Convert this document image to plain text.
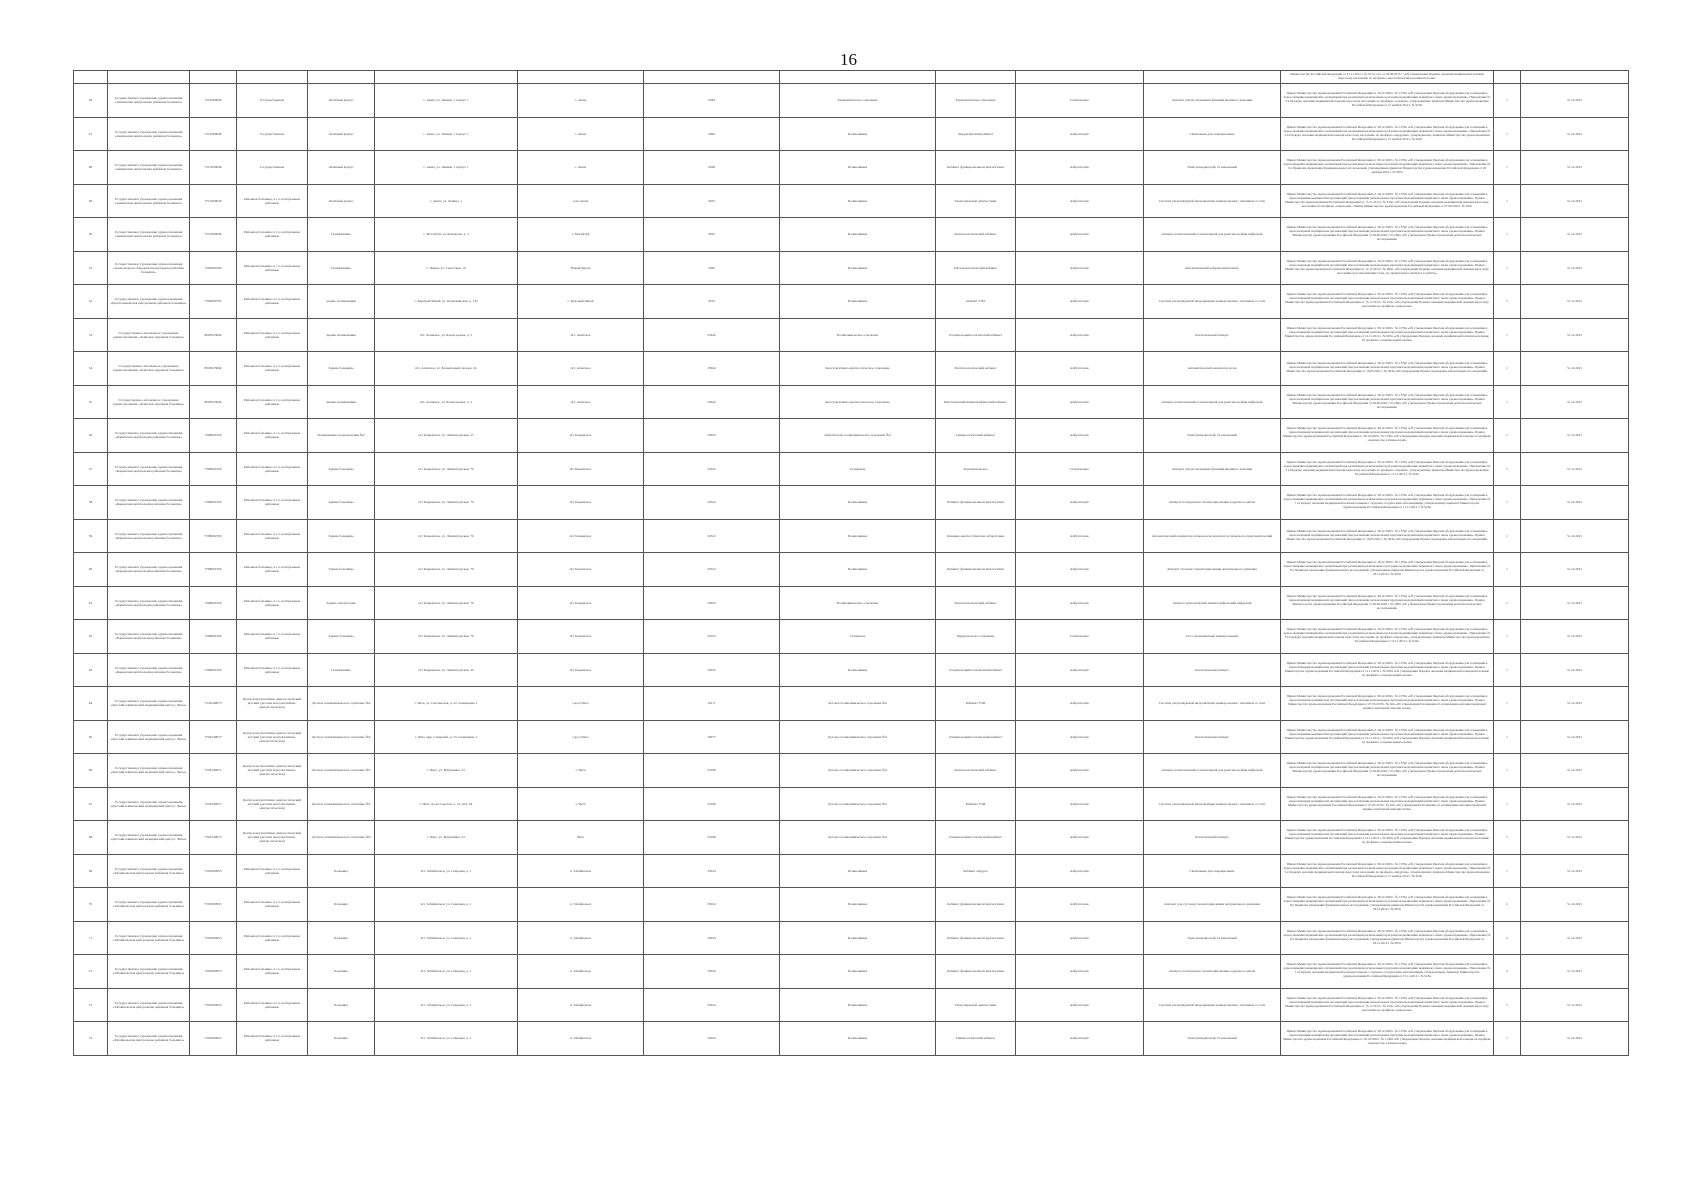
16
												Министерства Российской Федерации от 15.11.2012 г. № 917н, утв. от 26.09.2013 г. «Об утверждении Порядка оказания медицинской помощи взрослому населению по профилю «анестезиология и реаниматология»		
46	Государственное учреждение здравоохранения «Акшинская центральная районная больница»	7513000049	Государственная	Лечебный корпус	с. Акша, ул. Ленина, 1 корпус 1	с. Акша	2049	Терапевтическое отделение	Терапевтическое отделение	Стационарно	Аппарат для исследования функций внешнего дыхания	Приказ Министерства здравоохранения Российской Федерации от 28.12.2020 г. № 1379н «Об утверждении Перечня оборудования для оснащения и переоснащения медицинских организаций при реализации региональных программ модернизации первичного звена здравоохранения». Приложение № 6 к Порядку оказания медицинской помощи взрослому населению по профилю «терапия», утвержденному приказом Министерства здравоохранения Российской Федерации от 15 ноября 2012 г. № 923н	1	31.12.2021
47	Государственное учреждение здравоохранения «Акшинская центральная районная больница»	7513000049	Государственная	Лечебный корпус	с. Акша, ул. Ленина, 1 корпус 1	с. Акша	2090	Поликлиника	Хирургический кабинет	Амбулаторно	Светильник для операционных	Приказ Министерства здравоохранения Российской Федерации от 28.12.2020 г. № 1379н «Об утверждении Перечня оборудования для оснащения и переоснащения медицинских организаций при реализации региональных программ модернизации первичного звена здравоохранения». Приложение № 2 к Порядку оказания медицинской помощи взрослому населению по профилю «хирургия», утвержденному приказом Министерства здравоохранения Российской Федерации от 15 ноября 2012 г. № 922н	1	31.12.2021
48	Государственное учреждение здравоохранения «Акшинская центральная районная больница»	7513000049	Государственная	Лечебный корпус	с. Акша, ул. Ленина, 1 корпус 1	с. Акша	2048	Поликлиника	Кабинет функциональной диагностики	Амбулаторно	Электрокардиограф 12-канальный	Приказ Министерства здравоохранения Российской Федерации от 28.12.2020 г. № 1379н «Об утверждении Перечня оборудования для оснащения и переоснащения медицинских организаций при реализации региональных программ модернизации первичного звена здравоохранения». Приложение № 9 к Правилам проведения функциональных исследований, утвержденным приказом Министерства здравоохранения Российской Федерации от 26 декабря 2016 г. № 997н	1	31.12.2021
49	Государственное учреждение здравоохранения «Акшинская центральная районная больница»	7513000049	Районная больница, в т.ч. центральные районные	Лечебный корпус	с. Акша, ул. Ленина, 1	село Акша	2025	Поликлиника	Ультразвуковой диагностики	Амбулаторно	Система ультразвуковой визуализации универсальная с питанием от сети	Приказ Министерства здравоохранения Российской Федерации от 28.12.2020 г. № 1379н «Об утверждении Перечня оборудования для оснащения и переоснащения медицинских организаций при реализации региональных программ модернизации первичного звена здравоохранения». Приказ Министерства здравоохранения Российской Федерации от 15.11.2012 г. № 915н «Об утверждении Порядка оказания медицинской помощи взрослому населению по профилю «онкология». Приказ Министерства здравоохранения Российской Федерации от 07.09.2020 г. № 947н	1	31.12.2021
50	Государственное учреждение здравоохранения «Акшинская центральная районная больница»	7513000049	Районная больница, в т.ч. центральные районные	Поликлиника	с. Могойтуй, ул. Банзарова, д. 3	с. Могойтуй	3622	Поликлиника	Рентгенологический кабинет	Амбулаторно	Аппарат рентгеновский стационарный для рентгенографии цифровой	Приказ Министерства здравоохранения Российской Федерации от 28.12.2020 г. № 1379н «Об утверждении Перечня оборудования для оснащения и переоснащения медицинских организаций при реализации региональных программ модернизации первичного звена здравоохранения». Приказ Министерства здравоохранения Российской Федерации от 09.06.2020 г. № 560н «Об утверждении Правил проведения рентгенологических исследований»	1	31.12.2021
51	Государственное учреждение здравоохранения «Александрово-Заводская центральная районная больница»	7506000590	Районная больница, в т.ч. центральные районные	Поликлиника	с. Чирон, ул. Сенетская, 10	Новый Чирон	3590	Поликлиника	Офтальмологический кабинет	Амбулаторно	Автоматический рефрактокератометр	Приказ Министерства здравоохранения Российской Федерации от 28.12.2020 г. № 1379н «Об утверждении Перечня оборудования для оснащения и переоснащения медицинских организаций при реализации региональных программ модернизации первичного звена здравоохранения». Приказ Министерства здравоохранения Российской Федерации от 12.11.2012 г. № 902н «Об утверждении Порядка оказания медицинской помощи взрослому населению при заболеваниях глаза, его придаточного аппарата и орбиты»	1	31.12.2021
52	Государственное учреждение здравоохранения «Красночикойская центральная районная больница»	7509000793	Районная больница, в т.ч. центральные районные	здание поликлиники	с. Красный Чикой, ул. Первомайская, д. 132	с. Красный Чикой	3613	Поликлиника	кабинет УЗИ	Амбулаторно	Система ультразвуковой визуализации универсальная с питанием от сети	Приказ Министерства здравоохранения Российской Федерации от 28.12.2020 г. № 1379н «Об утверждении Перечня оборудования для оснащения и переоснащения медицинских организаций при реализации региональных программ модернизации первичного звена здравоохранения». Приказ Министерства здравоохранения Российской Федерации от 15.11.2012 г. № 915н «Об утверждении Порядка оказания медицинской помощи взрослому населению по профилю «онкология»	1	31.12.2021
53	Государственное автономное учреждение здравоохранения «Агинская окружная больница»	8003025849	Районная больница, в т.ч. центральные районные	Здание поликлиники	пгт. Агинское, ул. Базарсадаева, д. 5	пгт. Агинское	25942	Поликлиническое отделение	Оториноларингологический кабинет	Амбулаторно	Рентгеновский аппарат	Приказ Министерства здравоохранения Российской Федерации от 28.12.2020 г. № 1379н «Об утверждении Перечня оборудования для оснащения и переоснащения медицинских организаций при реализации региональных программ модернизации первичного звена здравоохранения». Приказ Министерства здравоохранения Российской Федерации от 12.11.2012 г. № 905н «Об утверждении Порядка оказания медицинской помощи населению по профилю «оториноларингология»	1	31.12.2021
54	Государственное автономное учреждение здравоохранения «Агинская окружная больница»	8003025849	Районная больница, в т.ч. центральные районные	Здание больницы	пгт. Агинское, ул. Больничный городок, 9а	пгт. Агинское	25942	Консультативно-диагностическое отделение	Рентгенологический кабинет	Амбулаторно	Автоматический анализатор мочи	Приказ Министерства здравоохранения Российской Федерации от 28.12.2020 г. № 1379н «Об утверждении Перечня оборудования для оснащения и переоснащения медицинских организаций при реализации региональных программ модернизации первичного звена здравоохранения». Приказ Министерства здравоохранения Российской Федерации от 18.05.2021 г. № 464н «Об утверждении Правил проведения лабораторных исследований»	1	31.12.2021
55	Государственное автономное учреждение здравоохранения «Агинская окружная больница»	8003025849	Районная больница, в т.ч. центральные районные	Здание поликлиники	пгт. Агинское, ул. Базарсадаева, д. 5	пгт. Агинское	25942	Консультативно-диагностическое отделение	Рентгеновский маммографический кабинет	Амбулаторно	Аппарат рентгеновский стационарный для рентгенографии цифровой	Приказ Министерства здравоохранения Российской Федерации от 28.12.2020 г. № 1379н «Об утверждении Перечня оборудования для оснащения и переоснащения медицинских организаций при реализации региональных программ модернизации первичного звена здравоохранения». Приказ Министерства здравоохранения Российской Федерации от 09.06.2020 г. № 560н «Об утверждении Правил проведения рентгенологических исследований»	1	31.12.2021
56	Государственное учреждение здравоохранения «Карымская центральная районная больница»	7508002359	Районная больница, в т.ч. центральные районные	Поликлиника подразделения №2	пгт Карымское, ул. Ленинградская, 27	пгт Карымское	32025	Амбулаторно-поликлиническое отделение №2	Гинекологический кабинет	Амбулаторно	Электрокардиограф 12-канальный	Приказ Министерства здравоохранения Российской Федерации от 28.12.2020 г. № 1379н «Об утверждении Перечня оборудования для оснащения и переоснащения медицинских организаций при реализации региональных программ модернизации первичного звена здравоохранения». Приказ Министерства здравоохранения Российской Федерации от 20.10.2020 г. № 1130н «Об утверждении Порядка оказания медицинской помощи по профилю «акушерство и гинекология»	1	31.12.2021
57	Государственное учреждение здравоохранения «Карымская центральная районная больница»	7508002359	Районная больница, в т.ч. центральные районные	Здание больницы	пгт Карымское, ул. Ленинградская, 79	пгт Карымское	32522	Стационар	Терапевтическое	Стационарно	Аппарат для исследования функций внешнего дыхания	Приказ Министерства здравоохранения Российской Федерации от 28.12.2020 г. № 1379н «Об утверждении Перечня оборудования для оснащения и переоснащения медицинских организаций при реализации региональных программ модернизации первичного звена здравоохранения». Приложение № 3 к Порядку оказания медицинской помощи взрослому населению по профилю «терапия», утвержденному приказом Министерства здравоохранения Российской Федерации от 15.11.2012 г. № 923н	1	31.12.2021
58	Государственное учреждение здравоохранения «Карымская центральная районная больница»	7508002359	Районная больница, в т.ч. центральные районные	Здание больницы	пгт Карымское, ул. Ленинградская, 79	пгт Карымское	32522	Поликлиника	Кабинет функциональной диагностики	Амбулаторно	Аппарат холтеровского мониторирования сердечного ритма	Приказ Министерства здравоохранения Российской Федерации от 28.12.2020 г. № 1379н «Об утверждении Перечня оборудования для оснащения и переоснащения медицинских организаций при реализации региональных программ модернизации первичного звена здравоохранения». Приложение № 7 к Порядку оказания медицинской помощи больным с сердечно-сосудистыми заболеваниями, утвержденному приказом Министерства здравоохранения Российской Федерации от 15.11.2012 г. № 918н	1	31.12.2021
59	Государственное учреждение здравоохранения «Карымская центральная районная больница»	7508002359	Районная больница, в т.ч. центральные районные	Здание больницы	пгт Карымское, ул. Ленинградская, 79	пгт Карымское	32522	Поликлиника	Клинико-диагностическая лаборатория	Амбулаторно	Автоматический анализатор глюкозы или анализатор глюкозы полуавтоматический	Приказ Министерства здравоохранения Российской Федерации от 28.12.2020 г. № 1379н «Об утверждении Перечня оборудования для оснащения и переоснащения медицинских организаций при реализации региональных программ модернизации первичного звена здравоохранения». Приказ Министерства здравоохранения Российской Федерации от 18.05.2021 г. № 464н «Об утверждении Правил проведения лабораторных исследований»	1	31.12.2021
60	Государственное учреждение здравоохранения «Карымская центральная районная больница»	7508002359	Районная больница, в т.ч. центральные районные	Здание больницы	пгт Карымское, ул. Ленинградская, 79	пгт Карымское	32522	Поликлиника	Кабинет функциональной диагностики	Амбулаторно	Аппарат суточного мониторирования артериального давления	Приказ Министерства здравоохранения Российской Федерации от 28.12.2020 г. № 1379н «Об утверждении Перечня оборудования для оснащения и переоснащения медицинских организаций при реализации региональных программ модернизации первичного звена здравоохранения». Приложение № 8 к Правилам проведения функциональных исследований, утвержденным приказом Министерства здравоохранения Российской Федерации от 26.12.2016 г. № 997н	1	31.12.2021
61	Государственное учреждение здравоохранения «Карымская центральная районная больница»	7508002359	Районная больница, в т.ч. центральные районные	Здание лаборатории	пгт Карымское, ул. Ленинградская, 79	пгт Карымское	32025	Поликлиническое отделение	Рентгенологический кабинет	Амбулаторно	Аппарат рентгеновский маммографический цифровой	Приказ Министерства здравоохранения Российской Федерации от 28.12.2020 г. № 1379н «Об утверждении Перечня оборудования для оснащения и переоснащения медицинских организаций при реализации региональных программ модернизации первичного звена здравоохранения». Приказ Министерства здравоохранения Российской Федерации от 09.06.2020 г. № 560н «Об утверждении Правил проведения рентгенологических исследований»	1	31.12.2021
62	Государственное учреждение здравоохранения «Карымская центральная районная больница»	7508002359	Районная больница, в т.ч. центральные районные	Здание больницы	пгт Карымское, ул. Ленинградская, 79	пгт Карымское	32522	Стационар	Хирургическое отделение	Стационарно	Стол операционный универсальный	Приказ Министерства здравоохранения Российской Федерации от 28.12.2020 г. № 1379н «Об утверждении Перечня оборудования для оснащения и переоснащения медицинских организаций при реализации региональных программ модернизации первичного звена здравоохранения». Приложение № 3 к Порядку оказания медицинской помощи взрослому населению по профилю «хирургия», утвержденному приказом Министерства здравоохранения Российской Федерации от 15.11.2012 г. № 922н	1	31.12.2021
63	Государственное учреждение здравоохранения «Карымская центральная районная больница»	7508002359	Районная больница, в т.ч. центральные районные	Поликлиника	пгт Карымское, ул. Ленинградская, 44	пгт Карымское	32025	Поликлиника	Оториноларингологический кабинет	Амбулаторно	Рентгеновский аппарат	Приказ Министерства здравоохранения Российской Федерации от 28.12.2020 г. № 1379н «Об утверждении Перечня оборудования для оснащения и переоснащения медицинских организаций при реализации региональных программ модернизации первичного звена здравоохранения». Приказ Министерства здравоохранения Российской Федерации от 12.11.2012 г. № 905н «Об утверждении Порядка оказания медицинской помощи населению по профилю «оториноларингология»	1	31.12.2021
64	Государственное учреждение здравоохранения «Детский клинический медицинский центр г. Читы»	7536149975	Центр консультативно-диагностический детский (детская консультативно-диагностическая)	Детское поликлиническое отделение №2	г. Чита, ул. Смоленская, д. 22, помещение 1	город Чита	16171	Детское поликлиническое отделение №2	Кабинет УЗИ	Амбулаторно	Система ультразвуковой визуализации универсальная с питанием от сети	Приказ Министерства здравоохранения Российской Федерации от 28.12.2020 г. № 1379н «Об утверждении Перечня оборудования для оснащения и переоснащения медицинских организаций при реализации региональных программ модернизации первичного звена здравоохранения». Приказ Министерства здравоохранения Российской Федерации от 07.03.2018 г. № 92н «Об утверждении Положения об организации оказания первичной медико-санитарной помощи детям»	1	31.12.2021
65	Государственное учреждение здравоохранения «Детский клинический медицинский центр г. Читы»	7536149975	Центр консультативно-диагностический детский (детская консультативно-диагностическая)	Детское поликлиническое отделение №4	г. Чита, мкр. Северный, д. 23, помещение 1	город Чита	16077	Детское поликлиническое отделение №4	Оториноларингологический кабинет	Амбулаторно	Рентгеновский аппарат	Приказ Министерства здравоохранения Российской Федерации от 28.12.2020 г. № 1379н «Об утверждении Перечня оборудования для оснащения и переоснащения медицинских организаций при реализации региональных программ модернизации первичного звена здравоохранения». Приказ Министерства здравоохранения Российской Федерации от 12.11.2012 г. № 905н «Об утверждении Порядка оказания медицинской помощи населению по профилю «оториноларингология»	1	31.12.2021
66	Государственное учреждение здравоохранения «Детский клинический медицинский центр г. Читы»	7536149975	Центр консультативно-диагностический детский (детская консультативно-диагностическая)	Детское поликлиническое отделение №2	г. Чита, ул. Бабушкина, 23	г. Чита	32189	Детское поликлиническое отделение №2	Рентгенологический кабинет	Амбулаторно	Аппарат рентгеновский стационарный для рентгенографии цифровой	Приказ Министерства здравоохранения Российской Федерации от 28.12.2020 г. № 1379н «Об утверждении Перечня оборудования для оснащения и переоснащения медицинских организаций при реализации региональных программ модернизации первичного звена здравоохранения». Приказ Министерства здравоохранения Российской Федерации от 09.06.2020 г. № 560н «Об утверждении Правил проведения рентгенологических исследований»	1	31.12.2021
67	Государственное учреждение здравоохранения «Детский клинический медицинский центр г. Читы»	7536149975	Центр консультативно-диагностический детский (детская консультативно-диагностическая)	Детское поликлиническое отделение №2	г. Чита, пр-кт Советов, д. 13, пом. 64	г. Чита	32189	Детское поликлиническое отделение №2	Кабинет УЗИ	Амбулаторно	Система ультразвуковой визуализации универсальная с питанием от сети	Приказ Министерства здравоохранения Российской Федерации от 28.12.2020 г. № 1379н «Об утверждении Перечня оборудования для оснащения и переоснащения медицинских организаций при реализации региональных программ модернизации первичного звена здравоохранения». Приказ Министерства здравоохранения Российской Федерации от 07.03.2018 г. № 92н «Об утверждении Положения об организации оказания первичной медико-санитарной помощи детям»	1	31.12.2021
68	Государственное учреждение здравоохранения «Детский клинический медицинский центр г. Читы»	7536149975	Центр консультативно-диагностический детский (детская консультативно-диагностическая)	Детское поликлиническое отделение №4	г. Чита, ул. Бабушкина, 23	Чита	32189	Детское поликлиническое отделение №4	Оториноларингологический кабинет	Амбулаторно	Рентгеновский аппарат	Приказ Министерства здравоохранения Российской Федерации от 28.12.2020 г. № 1379н «Об утверждении Перечня оборудования для оснащения и переоснащения медицинских организаций при реализации региональных программ модернизации первичного звена здравоохранения». Приказ Министерства здравоохранения Российской Федерации от 12.11.2012 г. № 905н «Об утверждении Порядка оказания медицинской помощи населению по профилю «оториноларингология»	1	31.12.2021
69	Государственное учреждение здравоохранения «Забайкальская центральная районная больница»	7505000953	Районная больница, в т.ч. центральные районные	Больница	пгт. Забайкальск, ул. Северная, д. 1	п. Забайкальск	35024	Поликлиника	Кабинет хирурга	Амбулаторно	Светильник для операционных	Приказ Министерства здравоохранения Российской Федерации от 28.12.2020 г. № 1379н «Об утверждении Перечня оборудования для оснащения и переоснащения медицинских организаций при реализации региональных программ модернизации первичного звена здравоохранения». Приложение № 2 к Порядку оказания медицинской помощи взрослому населению по профилю «хирургия», утвержденному приказом Министерства здравоохранения Российской Федерации от 15 ноября 2012 г. № 922н	1	31.12.2021
70	Государственное учреждение здравоохранения «Забайкальская центральная районная больница»	7505000953	Районная больница, в т.ч. центральные районные	Больница	пгт. Забайкальск, ул. Северная, д. 1	п. Забайкальск	35024	Поликлиника	Кабинет функциональной диагностики	Амбулаторно	Аппарат для суточного мониторирования артериального давления	Приказ Министерства здравоохранения Российской Федерации от 28.12.2020 г. № 1379н «Об утверждении Перечня оборудования для оснащения и переоснащения медицинских организаций при реализации региональных программ модернизации первичного звена здравоохранения». Приложение № 8 к Правилам проведения функциональных исследований, утвержденным приказом Министерства здравоохранения Российской Федерации от 26.12.2016 г. № 997н	2	31.12.2021
71	Государственное учреждение здравоохранения «Забайкальская центральная районная больница»	7505000953	Районная больница, в т.ч. центральные районные	Больница	пгт. Забайкальск, ул. Северная, д. 1	п. Забайкальск	35024	Поликлиника	Кабинет функциональной диагностики	Амбулаторно	Электрокардиограф 12-канальный	Приказ Министерства здравоохранения Российской Федерации от 28.12.2020 г. № 1379н «Об утверждении Перечня оборудования для оснащения и переоснащения медицинских организаций при реализации региональных программ модернизации первичного звена здравоохранения». Приложение № 9 к Правилам проведения функциональных исследований, утвержденным приказом Министерства здравоохранения Российской Федерации от 26.12.2016 г. № 997н	2	31.12.2021
72	Государственное учреждение здравоохранения «Забайкальская центральная районная больница»	7505000953	Районная больница, в т.ч. центральные районные	Больница	пгт. Забайкальск, ул. Северная, д. 1	п. Забайкальск	35024	Поликлиника	Кабинет функциональной диагностики	Амбулаторно	Аппарат холтеровского мониторирования сердечного ритма	Приказ Министерства здравоохранения Российской Федерации от 28.12.2020 г. № 1379н «Об утверждении Перечня оборудования для оснащения и переоснащения медицинских организаций при реализации региональных программ модернизации первичного звена здравоохранения». Приложение № 7 к Порядку оказания медицинской помощи больным с сердечно-сосудистыми заболеваниями, утвержденному приказом Министерства здравоохранения Российской Федерации от 15.11.2012 г. № 918н	2	31.12.2021
73	Государственное учреждение здравоохранения «Забайкальская центральная районная больница»	7505000953	Районная больница, в т.ч. центральные районные	Больница	пгт. Забайкальск, ул. Северная, д. 1	п. Забайкальск	35024	Поликлиника	Ультразвуковой диагностики	Амбулаторно	Система ультразвуковой визуализации универсальная с питанием от сети	Приказ Министерства здравоохранения Российской Федерации от 28.12.2020 г. № 1379н «Об утверждении Перечня оборудования для оснащения и переоснащения медицинских организаций при реализации региональных программ модернизации первичного звена здравоохранения». Приказ Министерства здравоохранения Российской Федерации от 15.11.2012 г. № 915н «Об утверждении Порядка оказания медицинской помощи взрослому населению по профилю «онкология»	1	31.12.2021
74	Государственное учреждение здравоохранения «Забайкальская центральная районная больница»	7505000953	Районная больница, в т.ч. центральные районные	Больница	пгт. Забайкальск, ул. Северная, д. 1	п. Забайкальск	35024	Поликлиника	Гинекологический кабинет	Амбулаторно	Электрокардиограф 12-канальный	Приказ Министерства здравоохранения Российской Федерации от 28.12.2020 г. № 1379н «Об утверждении Перечня оборудования для оснащения и переоснащения медицинских организаций при реализации региональных программ модернизации первичного звена здравоохранения». Приказ Министерства здравоохранения Российской Федерации от 20.10.2020 г. № 1130н «Об утверждении Порядка оказания медицинской помощи по профилю «акушерство и гинекология»	1	31.12.2021
